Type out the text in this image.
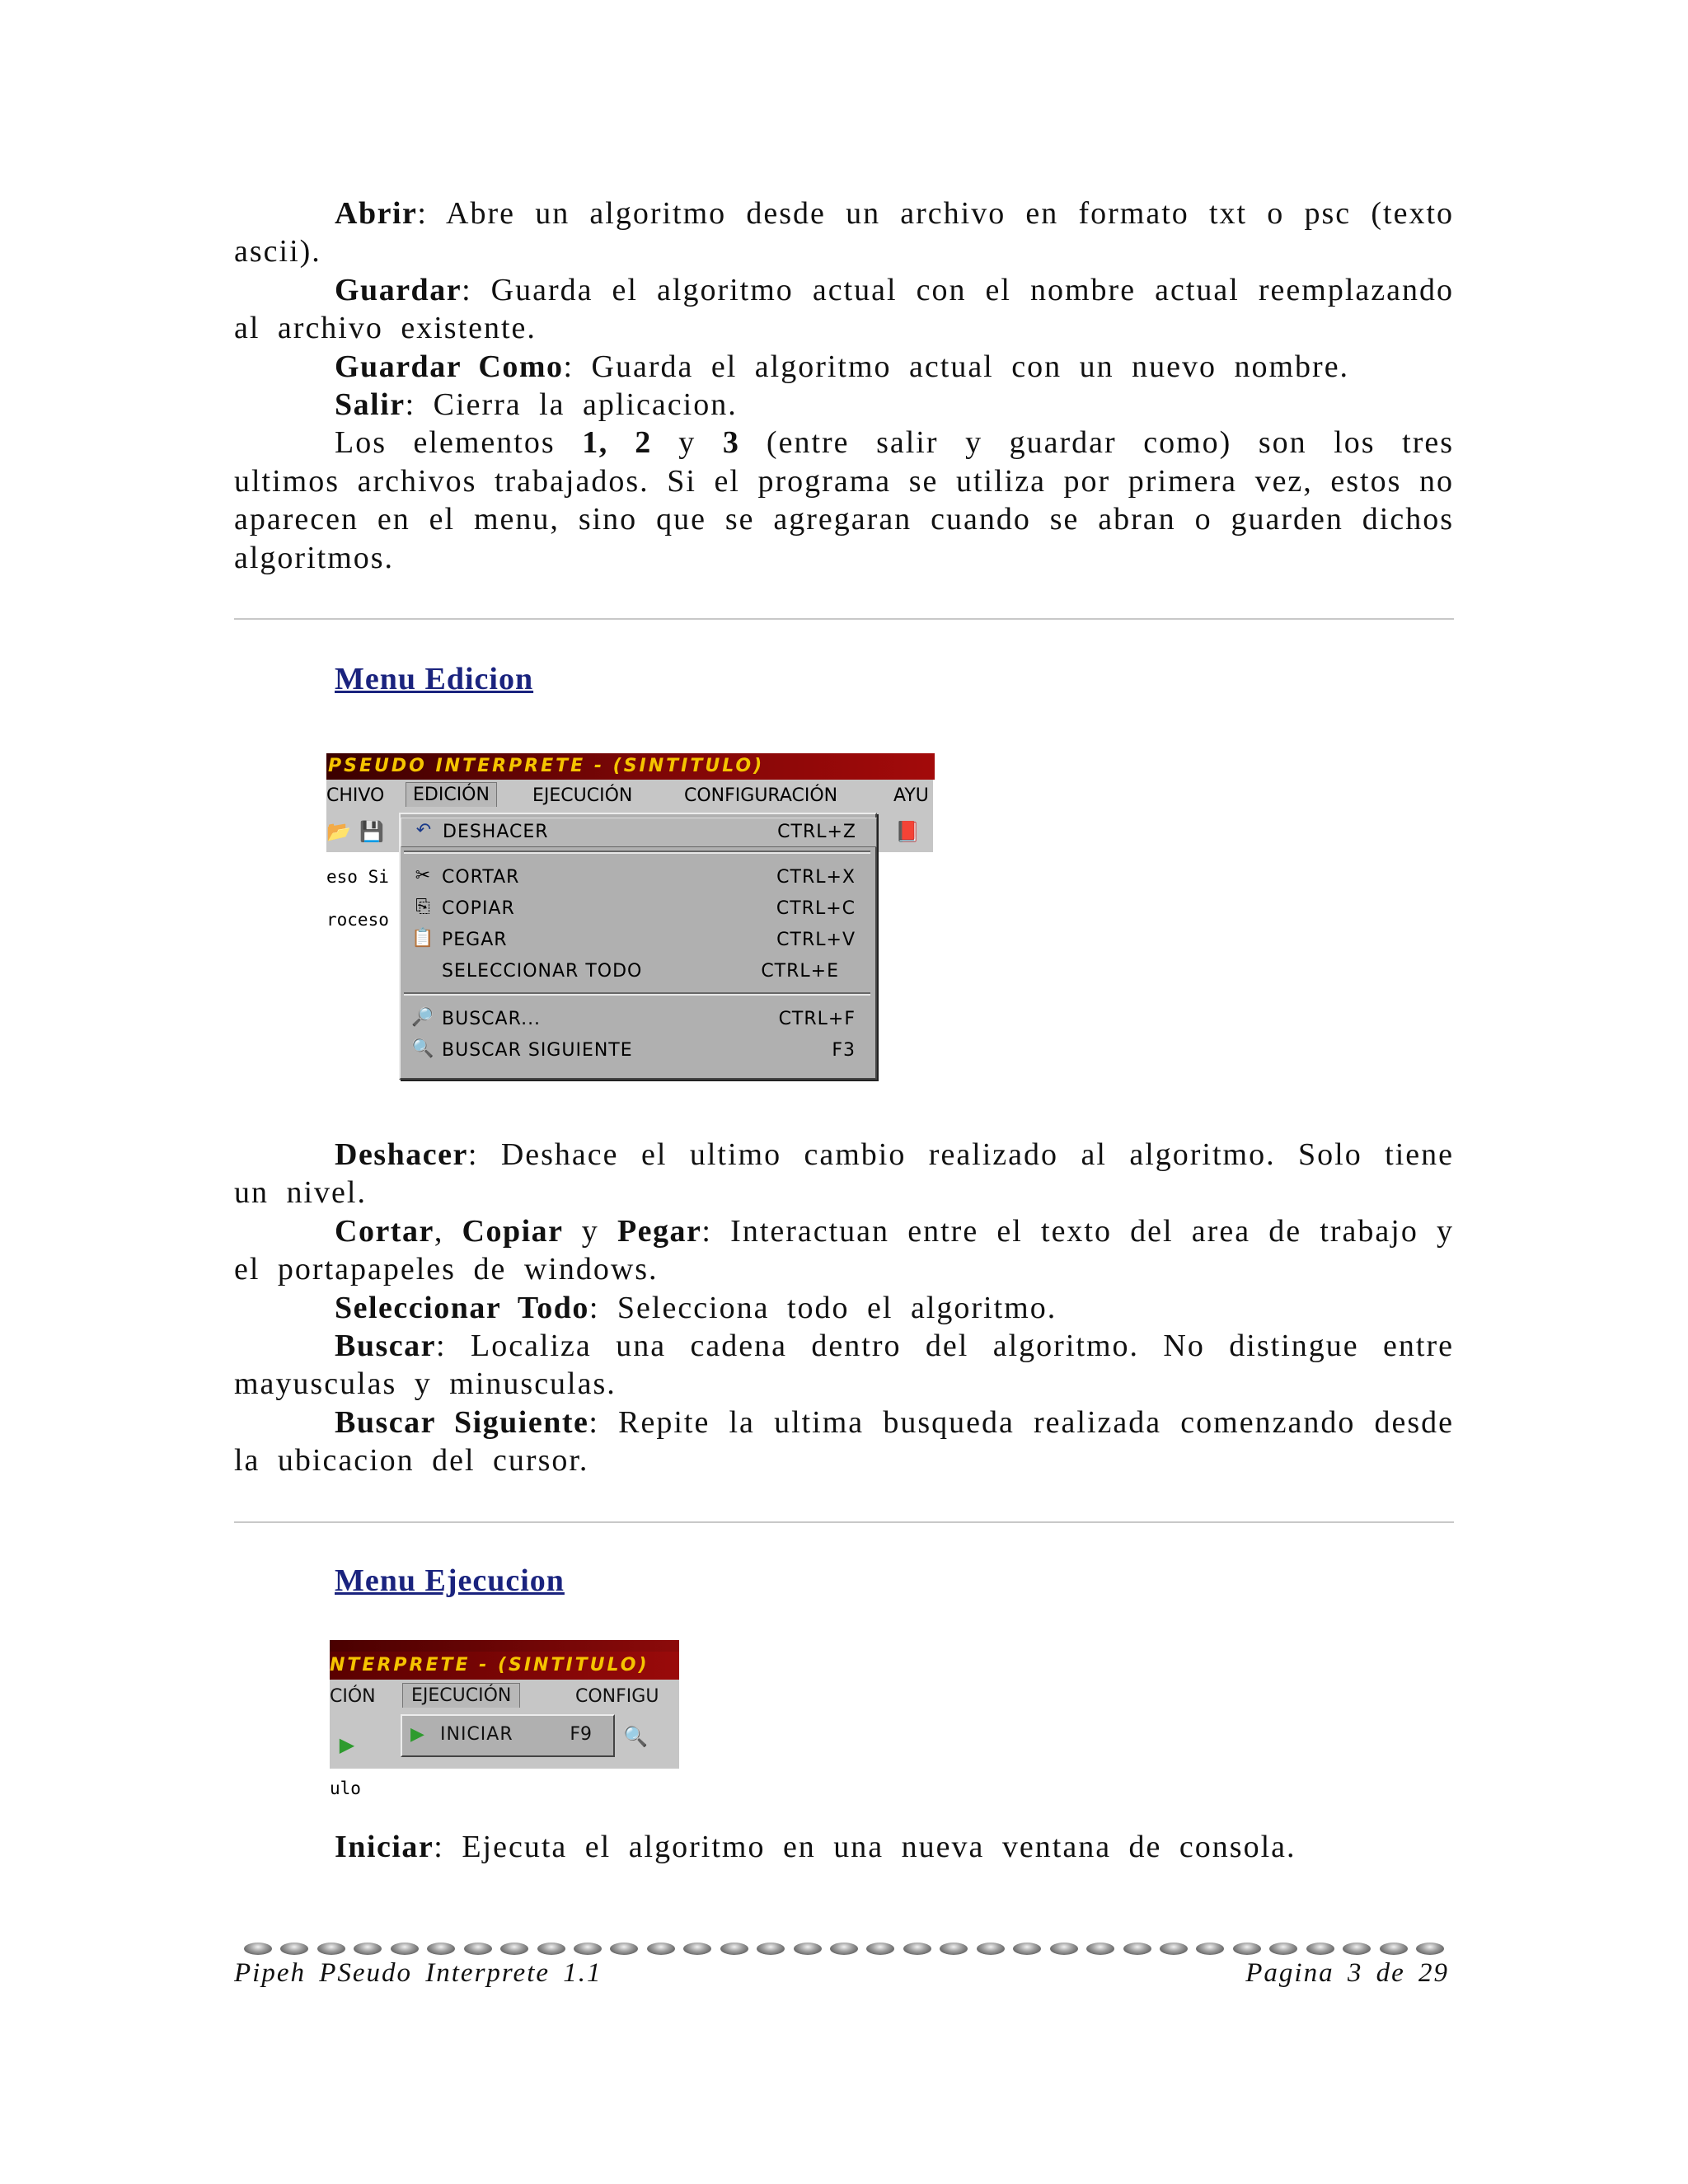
Abrir: Abre un algoritmo desde un archivo en formato txt o psc (texto ascii).

Guardar: Guarda el algoritmo actual con el nombre actual reemplazando al archivo existente.

Guardar Como: Guarda el algoritmo actual con un nuevo nombre.

Salir: Cierra la aplicacion.

Los elementos 1, 2 y 3 (entre salir y guardar como) son los tres ultimos archivos trabajados. Si el programa se utiliza por primera vez, estos no aparecen en el menu, sino que se agregaran cuando se abran o guarden dichos algoritmos.

Menu Edicion
PSEUDO INTERPRETE - (SINTITULO)
CHIVO	EDICIÓN	EJECUCIÓN	CONFIGURACIÓN	AYU
📂 💾	📕
eso Si
roceso
↶ DESHACER	CTRL+Z
✂ CORTAR	CTRL+X
⎘ COPIAR	CTRL+C
📋 PEGAR	CTRL+V
SELECCIONAR TODO	CTRL+E
🔎 BUSCAR...	CTRL+F
🔍 BUSCAR SIGUIENTE	F3

Deshacer: Deshace el ultimo cambio realizado al algoritmo. Solo tiene un nivel.

Cortar, Copiar y Pegar: Interactuan entre el texto del area de trabajo y el portapapeles de windows.

Seleccionar Todo: Selecciona todo el algoritmo.

Buscar: Localiza una cadena dentro del algoritmo. No distingue entre mayusculas y minusculas.

Buscar Siguiente: Repite la ultima busqueda realizada comenzando desde la ubicacion del cursor.

Menu Ejecucion
NTERPRETE - (SINTITULO)
CIÓN	EJECUCIÓN	CONFIGU
▶	🔍
▶ INICIAR	F9
ulo

Iniciar: Ejecuta el algoritmo en una nueva ventana de consola.

Pipeh PSeudo Interprete 1.1	Pagina 3 de 29
